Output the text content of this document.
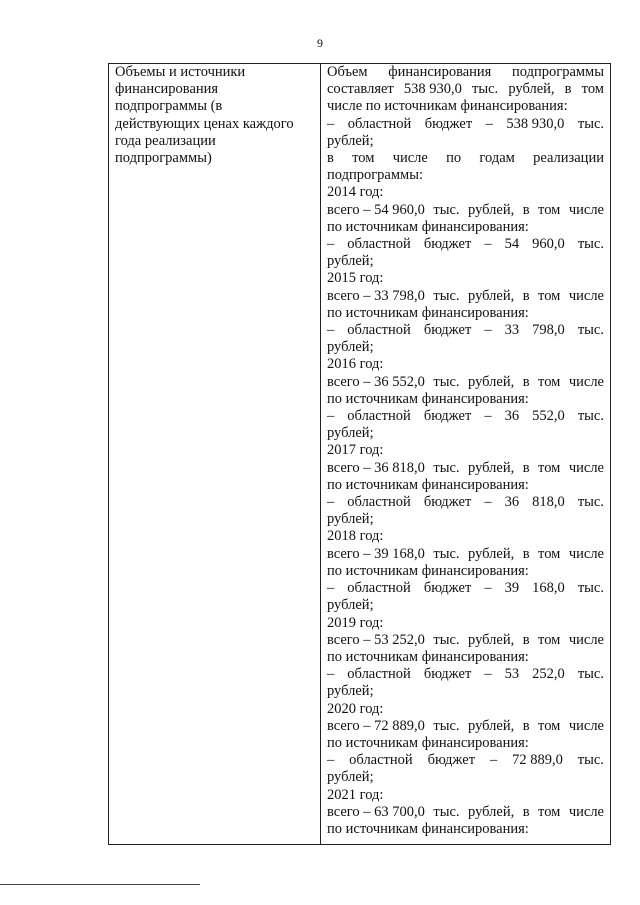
9
Объемы и источники
финансирования
подпрограммы (в
действующих ценах каждого
года реализации
подпрограммы)
Объем финансирования подпрограммы
составляет 538 930,0 тыс. рублей, в том
числе по источникам финансирования:
– областной бюджет – 538 930,0 тыс.
рублей;
в том числе по годам реализации
подпрограммы:
2014 год:
всего – 54 960,0 тыс. рублей, в том числе
по источникам финансирования:
– областной бюджет – 54 960,0 тыс.
рублей;
2015 год:
всего – 33 798,0 тыс. рублей, в том числе
по источникам финансирования:
– областной бюджет – 33 798,0 тыс.
рублей;
2016 год:
всего – 36 552,0 тыс. рублей, в том числе
по источникам финансирования:
– областной бюджет – 36 552,0 тыс.
рублей;
2017 год:
всего – 36 818,0 тыс. рублей, в том числе
по источникам финансирования:
– областной бюджет – 36 818,0 тыс.
рублей;
2018 год:
всего – 39 168,0 тыс. рублей, в том числе
по источникам финансирования:
– областной бюджет – 39 168,0 тыс.
рублей;
2019 год:
всего – 53 252,0 тыс. рублей, в том числе
по источникам финансирования:
– областной бюджет – 53 252,0 тыс.
рублей;
2020 год:
всего – 72 889,0 тыс. рублей, в том числе
по источникам финансирования:
– областной бюджет – 72 889,0 тыс.
рублей;
2021 год:
всего – 63 700,0 тыс. рублей, в том числе
по источникам финансирования:
